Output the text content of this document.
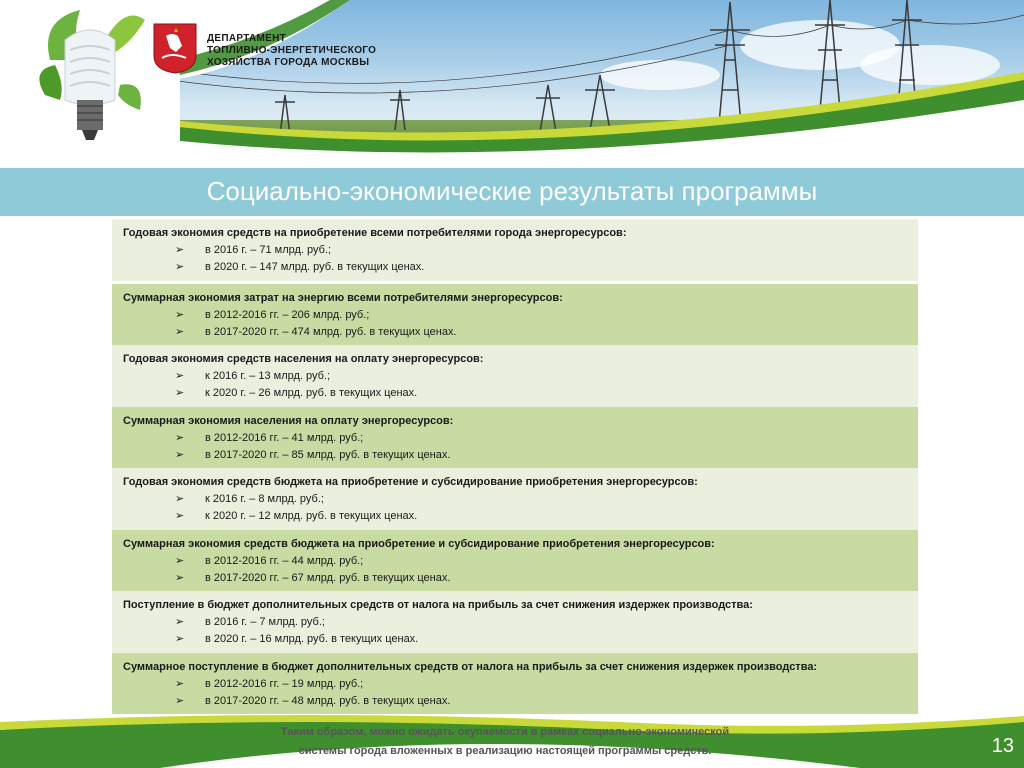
ДЕПАРТАМЕНТ
ТОПЛИВНО-ЭНЕРГЕТИЧЕСКОГО
ХОЗЯЙСТВА ГОРОДА МОСКВЫ
Социально-экономические результаты программы
Годовая экономия средств на приобретение всеми потребителями города энергоресурсов:
➢ в 2016 г. – 71 млрд. руб.;
➢ в 2020 г. – 147 млрд. руб. в текущих ценах.
Суммарная экономия затрат на энергию всеми потребителями энергоресурсов:
➢ в 2012-2016 гг. – 206 млрд. руб.;
➢ в 2017-2020 гг. – 474 млрд. руб. в текущих ценах.
Годовая экономия средств населения на оплату энергоресурсов:
➢ к 2016 г. – 13 млрд. руб.;
➢ к 2020 г. – 26 млрд. руб. в текущих ценах.
Суммарная экономия населения на оплату энергоресурсов:
➢ в 2012-2016 гг. – 41 млрд. руб.;
➢ в 2017-2020 гг. – 85 млрд. руб. в текущих ценах.
Годовая экономия средств бюджета на приобретение и субсидирование приобретения энергоресурсов:
➢ к 2016 г. – 8 млрд. руб.;
➢ к 2020 г. – 12 млрд. руб. в текущих ценах.
Суммарная экономия средств бюджета на приобретение и субсидирование приобретения энергоресурсов:
➢ в 2012-2016 гг. – 44 млрд. руб.;
➢ в 2017-2020 гг. – 67 млрд. руб. в текущих ценах.
Поступление в бюджет дополнительных средств от налога на прибыль за счет снижения издержек производства:
➢ в 2016 г. – 7 млрд. руб.;
➢ в 2020 г. – 16 млрд. руб. в текущих ценах.
Суммарное поступление в бюджет дополнительных средств от налога на прибыль за счет снижения издержек производства:
➢ в 2012-2016 гг. – 19 млрд. руб.;
➢ в 2017-2020 гг. – 48 млрд. руб. в текущих ценах.
Таким образом, можно ожидать окупаемости в рамках социально-экономической
системы города вложенных в реализацию настоящей программы средств.	13
